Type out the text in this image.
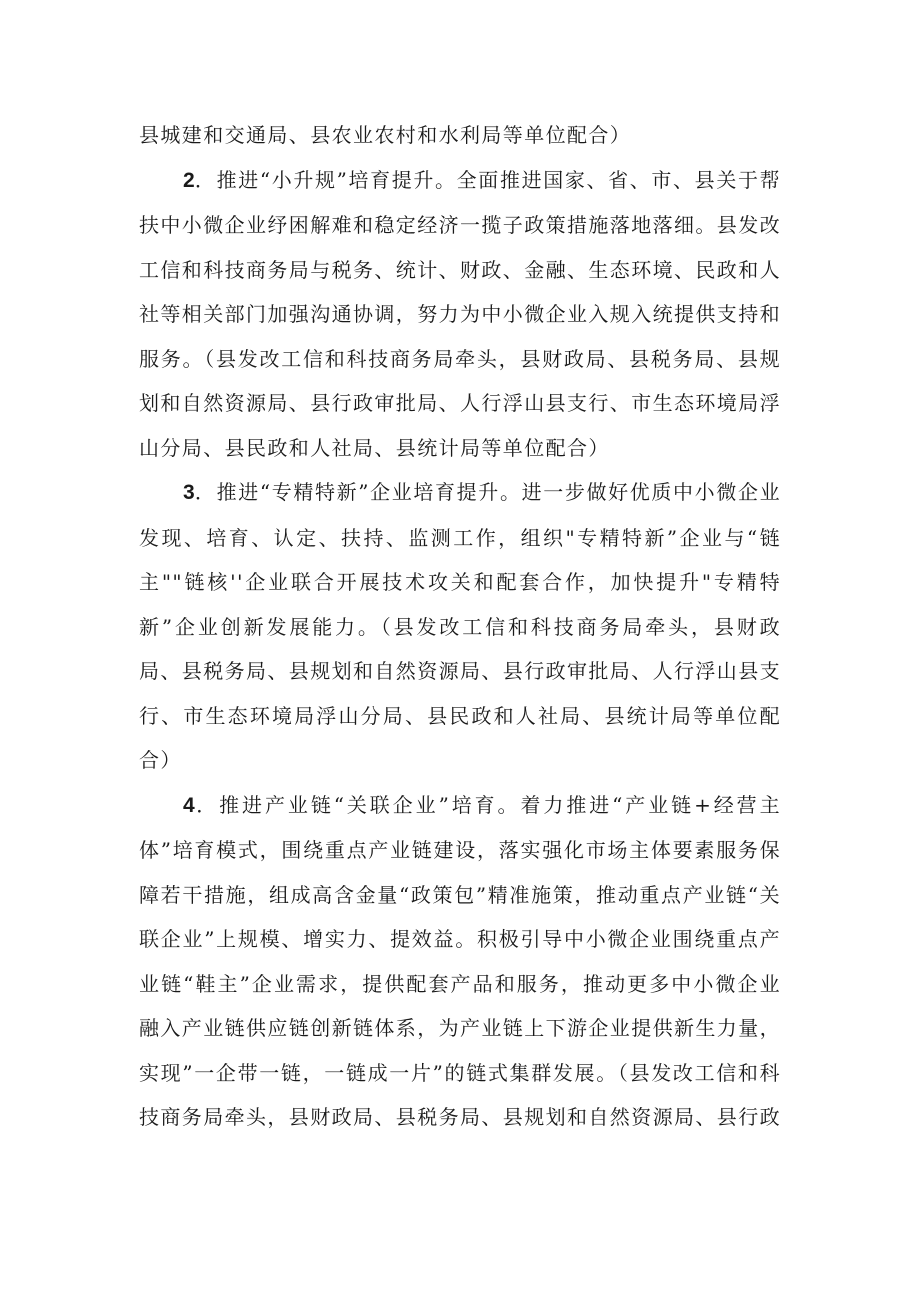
县城建和交通局、县农业农村和水利局等单位配合）

2．推进“小升规”培育提升。全面推进国家、省、市、县关于帮扶中小微企业纾困解难和稳定经济一揽子政策措施落地落细。县发改工信和科技商务局与税务、统计、财政、金融、生态环境、民政和人社等相关部门加强沟通协调，努力为中小微企业入规入统提供支持和服务。（县发改工信和科技商务局牵头，县财政局、县税务局、县规划和自然资源局、县行政审批局、人行浮山县支行、市生态环境局浮山分局、县民政和人社局、县统计局等单位配合）

3．推进“专精特新”企业培育提升。进一步做好优质中小微企业发现、培育、认定、扶持、监测工作，组织"专精特新”企业与“链主""链核''企业联合开展技术攻关和配套合作，加快提升"专精特新”企业创新发展能力。（县发改工信和科技商务局牵头，县财政局、县税务局、县规划和自然资源局、县行政审批局、人行浮山县支行、市生态环境局浮山分局、县民政和人社局、县统计局等单位配合）

4．推进产业链“关联企业”培育。着力推进“产业链+经营主体”培育模式，围绕重点产业链建设，落实强化市场主体要素服务保障若干措施，组成高含金量“政策包”精准施策，推动重点产业链“关联企业”上规模、增实力、提效益。积极引导中小微企业围绕重点产业链“鞋主”企业需求，提供配套产品和服务，推动更多中小微企业融入产业链供应链创新链体系，为产业链上下游企业提供新生力量，实现”一企带一链，一链成一片”的链式集群发展。（县发改工信和科技商务局牵头，县财政局、县税务局、县规划和自然资源局、县行政
